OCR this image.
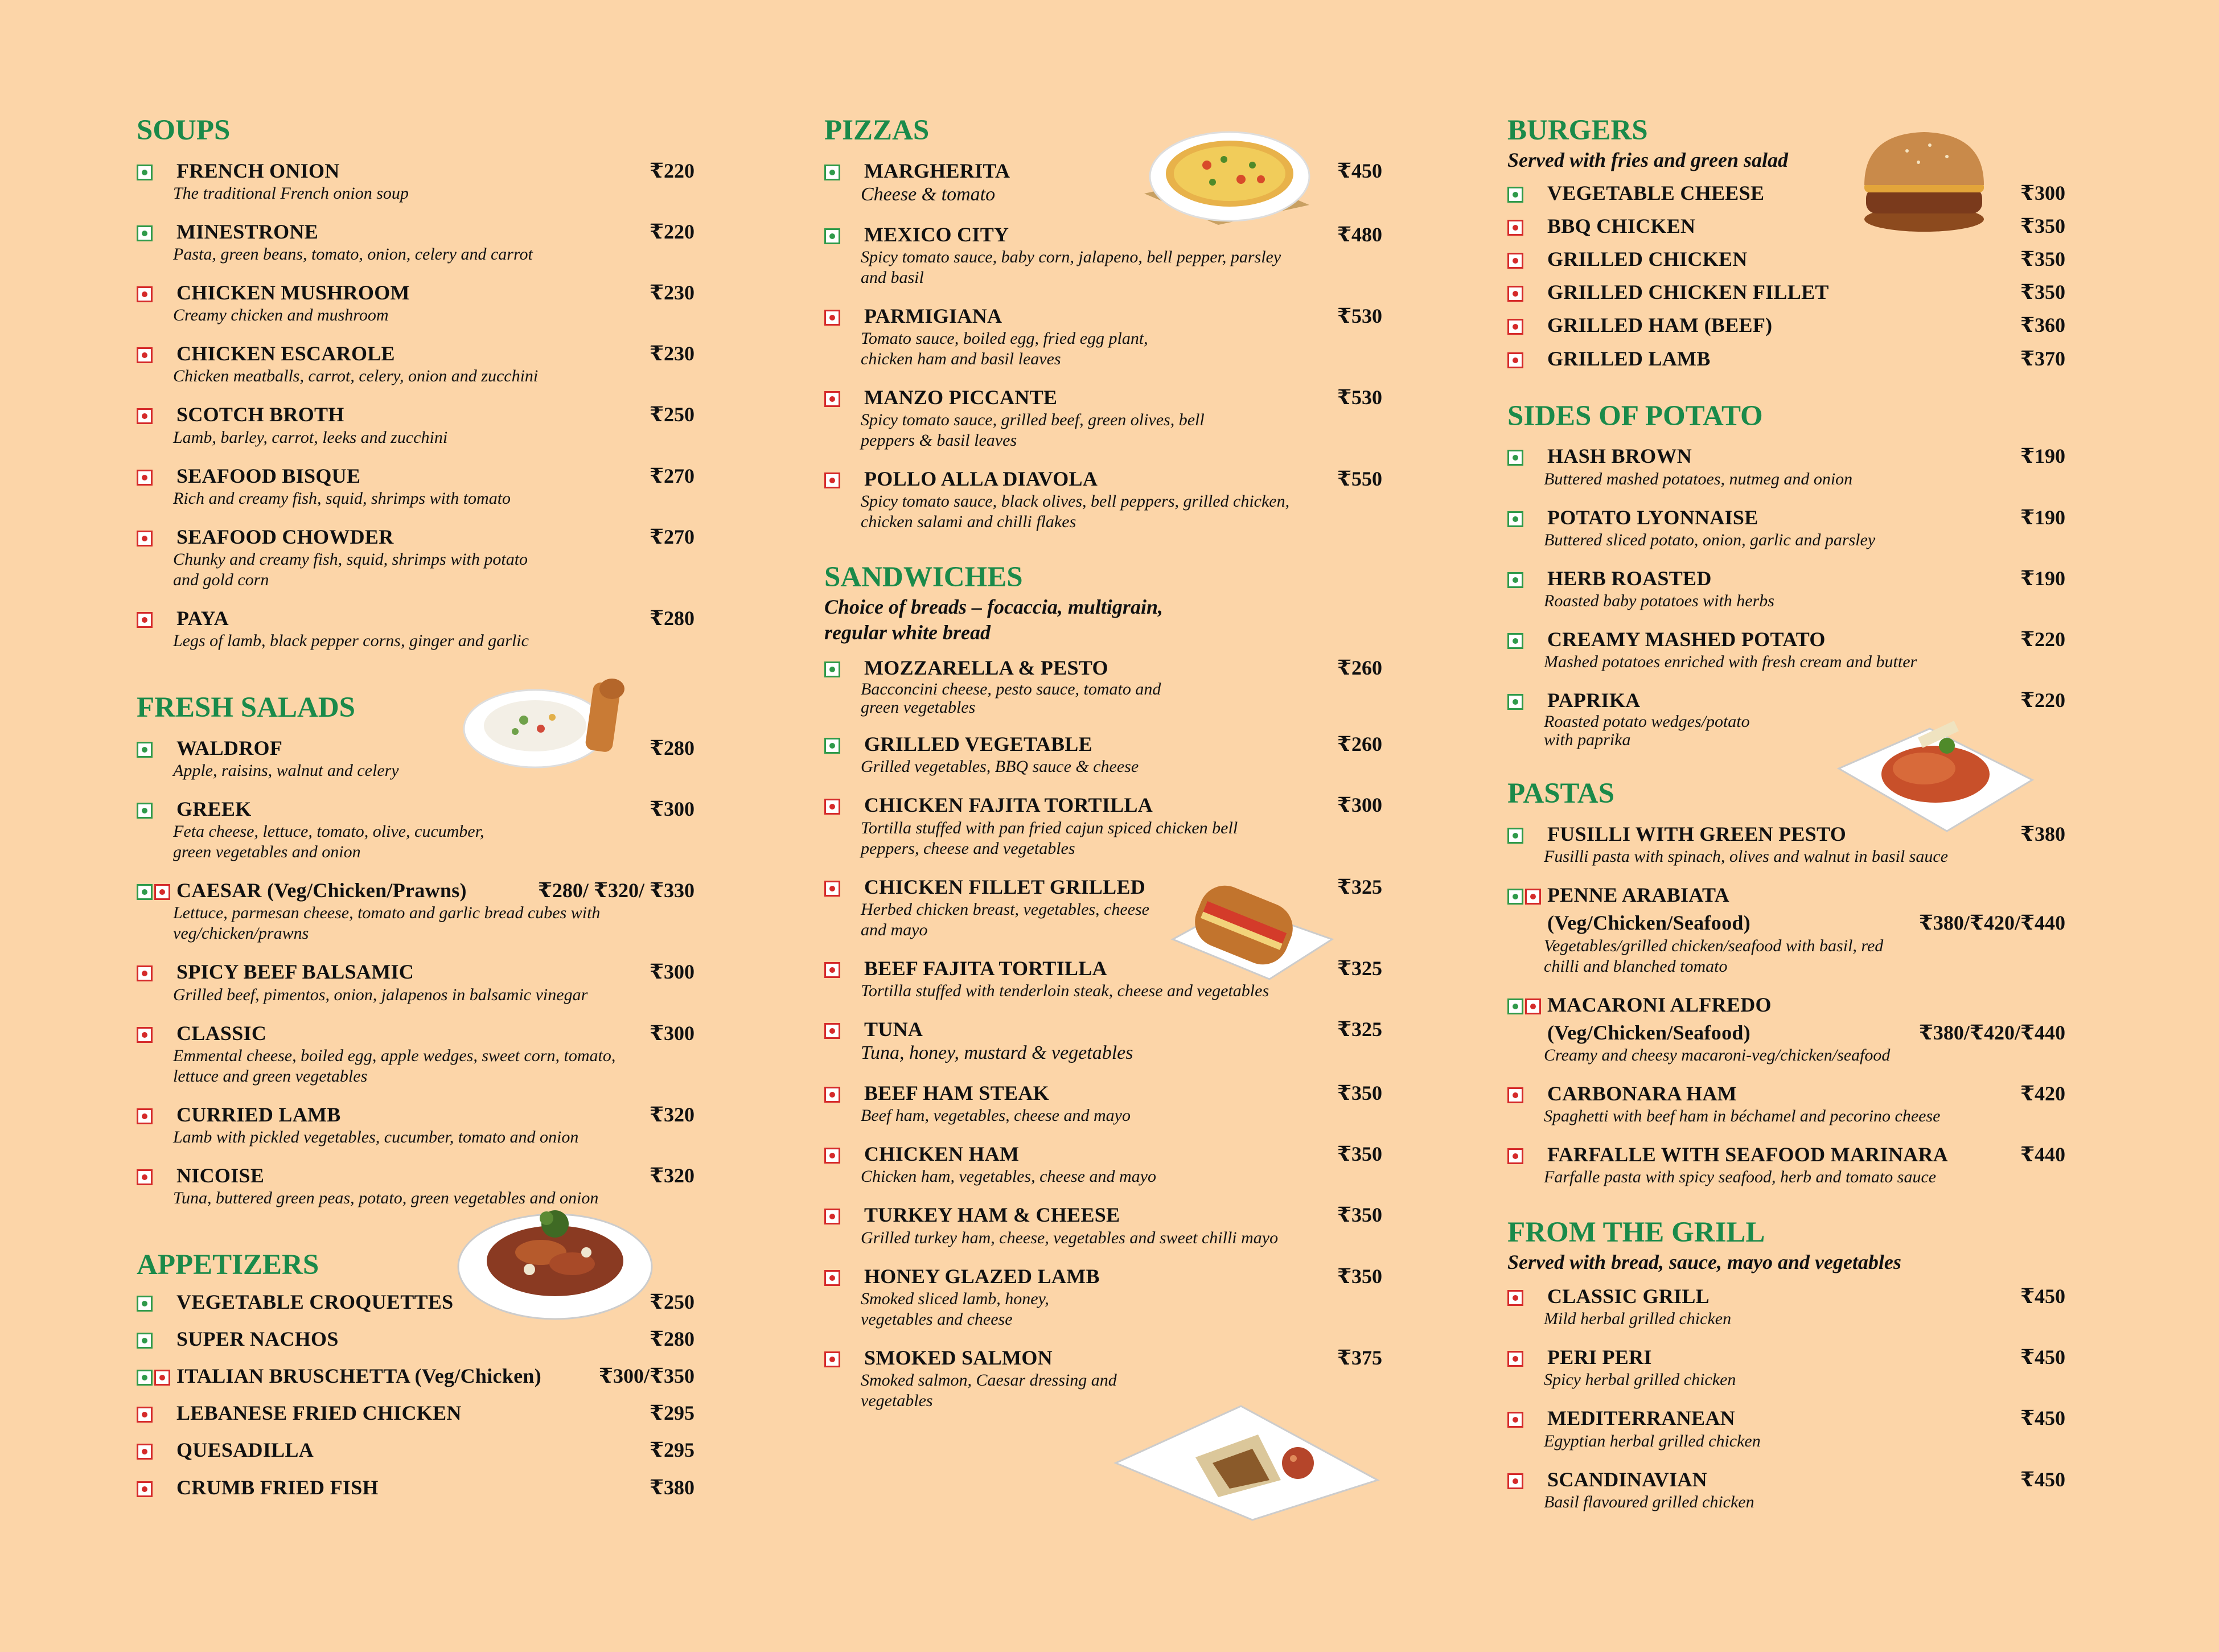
SOUPS
FRENCH ONION	₹220
The traditional French onion soup
MINESTRONE	₹220
Pasta, green beans, tomato, onion, celery and carrot
CHICKEN MUSHROOM	₹230
Creamy chicken and mushroom
CHICKEN ESCAROLE	₹230
Chicken meatballs, carrot, celery, onion and zucchini
SCOTCH BROTH	₹250
Lamb, barley, carrot, leeks and zucchini
SEAFOOD BISQUE	₹270
Rich and creamy fish, squid, shrimps with tomato
SEAFOOD CHOWDER	₹270
Chunky and creamy fish, squid, shrimps with potato and gold corn
PAYA	₹280
Legs of lamb, black pepper corns, ginger and garlic
FRESH SALADS
WALDROF	₹280
Apple, raisins, walnut and celery
GREEK	₹300
Feta cheese, lettuce, tomato, olive, cucumber, green vegetables and onion
CAESAR (Veg/Chicken/Prawns)	₹280/ ₹320/ ₹330
Lettuce, parmesan cheese, tomato and garlic bread cubes with veg/chicken/prawns
SPICY BEEF BALSAMIC	₹300
Grilled beef, pimentos, onion, jalapenos in balsamic vinegar
CLASSIC	₹300
Emmental cheese, boiled egg, apple wedges, sweet corn, tomato, lettuce and green vegetables
CURRIED LAMB	₹320
Lamb with pickled vegetables, cucumber, tomato and onion
NICOISE	₹320
Tuna, buttered green peas, potato, green vegetables and onion
APPETIZERS
VEGETABLE CROQUETTES	₹250
SUPER NACHOS	₹280
ITALIAN BRUSCHETTA (Veg/Chicken)	₹300/₹350
LEBANESE FRIED CHICKEN	₹295
QUESADILLA	₹295
CRUMB FRIED FISH	₹380
PIZZAS
MARGHERITA	₹450
Cheese & tomato
MEXICO CITY	₹480
Spicy tomato sauce, baby corn, jalapeno, bell pepper, parsley and basil
PARMIGIANA	₹530
Tomato sauce, boiled egg, fried egg plant, chicken ham and basil leaves
MANZO PICCANTE	₹530
Spicy tomato sauce, grilled beef, green olives, bell peppers & basil leaves
POLLO ALLA DIAVOLA	₹550
Spicy tomato sauce, black olives, bell peppers, grilled chicken, chicken salami and chilli flakes
SANDWICHES

Choice of breads – focaccia, multigrain, regular white bread

MOZZARELLA & PESTO	₹260
Bacconcini cheese, pesto sauce, tomato and green vegetables
GRILLED VEGETABLE	₹260
Grilled vegetables, BBQ sauce & cheese
CHICKEN FAJITA TORTILLA	₹300
Tortilla stuffed with pan fried cajun spiced chicken bell peppers, cheese and vegetables
CHICKEN FILLET GRILLED	₹325
Herbed chicken breast, vegetables, cheese and mayo
BEEF FAJITA TORTILLA	₹325
Tortilla stuffed with tenderloin steak, cheese and vegetables
TUNA	₹325
Tuna, honey, mustard & vegetables
BEEF HAM STEAK	₹350
Beef ham, vegetables, cheese and mayo
CHICKEN HAM	₹350
Chicken ham, vegetables, cheese and mayo
TURKEY HAM & CHEESE	₹350
Grilled turkey ham, cheese, vegetables and sweet chilli mayo
HONEY GLAZED LAMB	₹350
Smoked sliced lamb, honey, vegetables and cheese
SMOKED SALMON	₹375
Smoked salmon, Caesar dressing and vegetables
BURGERS

Served with fries and green salad

VEGETABLE CHEESE	₹300
BBQ CHICKEN	₹350
GRILLED CHICKEN	₹350
GRILLED CHICKEN FILLET	₹350
GRILLED HAM (BEEF)	₹360
GRILLED LAMB	₹370
SIDES OF POTATO
HASH BROWN	₹190
Buttered mashed potatoes, nutmeg and onion
POTATO LYONNAISE	₹190
Buttered sliced potato, onion, garlic and parsley
HERB ROASTED	₹190
Roasted baby potatoes with herbs
CREAMY MASHED POTATO	₹220
Mashed potatoes enriched with fresh cream and butter
PAPRIKA	₹220
Roasted potato wedges/potato with paprika
PASTAS
FUSILLI WITH GREEN PESTO	₹380
Fusilli pasta with spinach, olives and walnut in basil sauce
PENNE ARABIATA
(Veg/Chicken/Seafood)	₹380/₹420/₹440
Vegetables/grilled chicken/seafood with basil, red chilli and blanched tomato
MACARONI ALFREDO
(Veg/Chicken/Seafood)	₹380/₹420/₹440
Creamy and cheesy macaroni-veg/chicken/seafood
CARBONARA HAM	₹420
Spaghetti with beef ham in béchamel and pecorino cheese
FARFALLE WITH SEAFOOD MARINARA	₹440
Farfalle pasta with spicy seafood, herb and tomato sauce
FROM THE GRILL

Served with bread, sauce, mayo and vegetables

CLASSIC GRILL	₹450
Mild herbal grilled chicken
PERI PERI	₹450
Spicy herbal grilled chicken
MEDITERRANEAN	₹450
Egyptian herbal grilled chicken
SCANDINAVIAN	₹450
Basil flavoured grilled chicken
